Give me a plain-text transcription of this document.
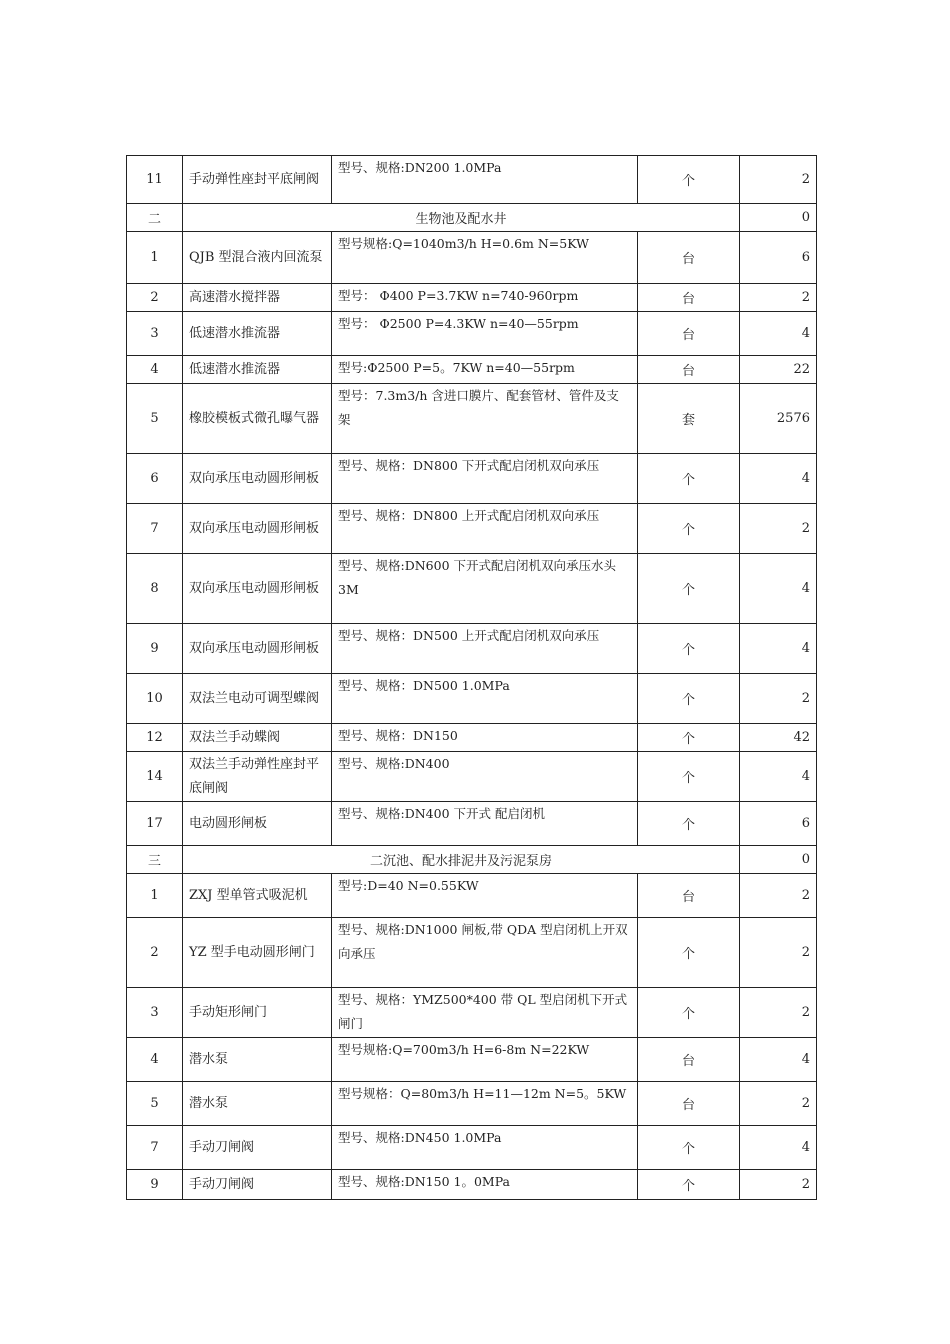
11	手动弹性座封平底闸阀	型号、规格:DN200 1.0MPa	个	2
二	生物池及配水井			0
1	QJB 型混合液内回流泵	型号规格:Q=1040m3/h H=0.6m N=5KW	台	6
2	高速潜水搅拌器	型号： Φ400 P=3.7KW n=740-960rpm	台	2
3	低速潜水推流器	型号： Φ2500 P=4.3KW n=40—55rpm	台	4
4	低速潜水推流器	型号:Φ2500 P=5。7KW n=40—55rpm	台	22
5	橡胶模板式微孔曝气器	型号：7.3m3/h 含进口膜片、配套管材、管件及支架	套	2576
6	双向承压电动圆形闸板	型号、规格：DN800 下开式配启闭机双向承压	个	4
7	双向承压电动圆形闸板	型号、规格：DN800 上开式配启闭机双向承压	个	2
8	双向承压电动圆形闸板	型号、规格:DN600 下开式配启闭机双向承压水头 3M	个	4
9	双向承压电动圆形闸板	型号、规格：DN500 上开式配启闭机双向承压	个	4
10	双法兰电动可调型蝶阀	型号、规格：DN500 1.0MPa	个	2
12	双法兰手动蝶阀	型号、规格：DN150	个	42
14	双法兰手动弹性座封平底闸阀	型号、规格:DN400	个	4
17	电动圆形闸板	型号、规格:DN400 下开式 配启闭机	个	6
三	二沉池、配水排泥井及污泥泵房			0
1	ZXJ 型单管式吸泥机	型号:D=40 N=0.55KW	台	2
2	YZ 型手电动圆形闸门	型号、规格:DN1000 闸板,带 QDA 型启闭机上开双向承压	个	2
3	手动矩形闸门	型号、规格：YMZ500*400 带 QL 型启闭机下开式闸门	个	2
4	潜水泵	型号规格:Q=700m3/h H=6-8m N=22KW	台	4
5	潜水泵	型号规格：Q=80m3/h H=11—12m N=5。5KW	台	2
7	手动刀闸阀	型号、规格:DN450 1.0MPa	个	4
9	手动刀闸阀	型号、规格:DN150 1。0MPa	个	2
